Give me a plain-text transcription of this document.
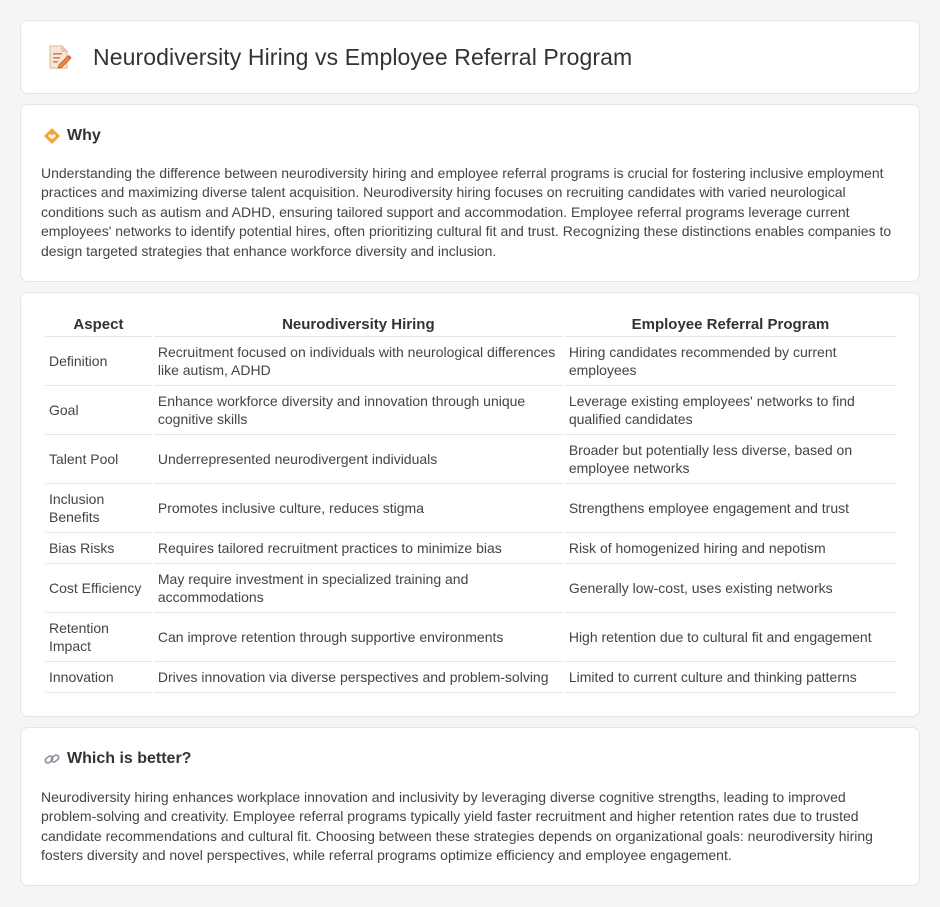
Neurodiversity Hiring vs Employee Referral Program
Why

Understanding the difference between neurodiversity hiring and employee referral programs is crucial for fostering inclusive employment practices and maximizing diverse talent acquisition. Neurodiversity hiring focuses on recruiting candidates with varied neurological conditions such as autism and ADHD, ensuring tailored support and accommodation. Employee referral programs leverage current employees' networks to identify potential hires, often prioritizing cultural fit and trust. Recognizing these distinctions enables companies to design targeted strategies that enhance workforce diversity and inclusion.

Aspect	Neurodiversity Hiring	Employee Referral Program
Definition	Recruitment focused on individuals with neurological differences like autism, ADHD	Hiring candidates recommended by current employees
Goal	Enhance workforce diversity and innovation through unique cognitive skills	Leverage existing employees' networks to find qualified candidates
Talent Pool	Underrepresented neurodivergent individuals	Broader but potentially less diverse, based on employee networks
Inclusion Benefits	Promotes inclusive culture, reduces stigma	Strengthens employee engagement and trust
Bias Risks	Requires tailored recruitment practices to minimize bias	Risk of homogenized hiring and nepotism
Cost Efficiency	May require investment in specialized training and accommodations	Generally low-cost, uses existing networks
Retention Impact	Can improve retention through supportive environments	High retention due to cultural fit and engagement
Innovation	Drives innovation via diverse perspectives and problem-solving	Limited to current culture and thinking patterns
Which is better?

Neurodiversity hiring enhances workplace innovation and inclusivity by leveraging diverse cognitive strengths, leading to improved problem-solving and creativity. Employee referral programs typically yield faster recruitment and higher retention rates due to trusted candidate recommendations and cultural fit. Choosing between these strategies depends on organizational goals: neurodiversity hiring fosters diversity and novel perspectives, while referral programs optimize efficiency and employee engagement.
